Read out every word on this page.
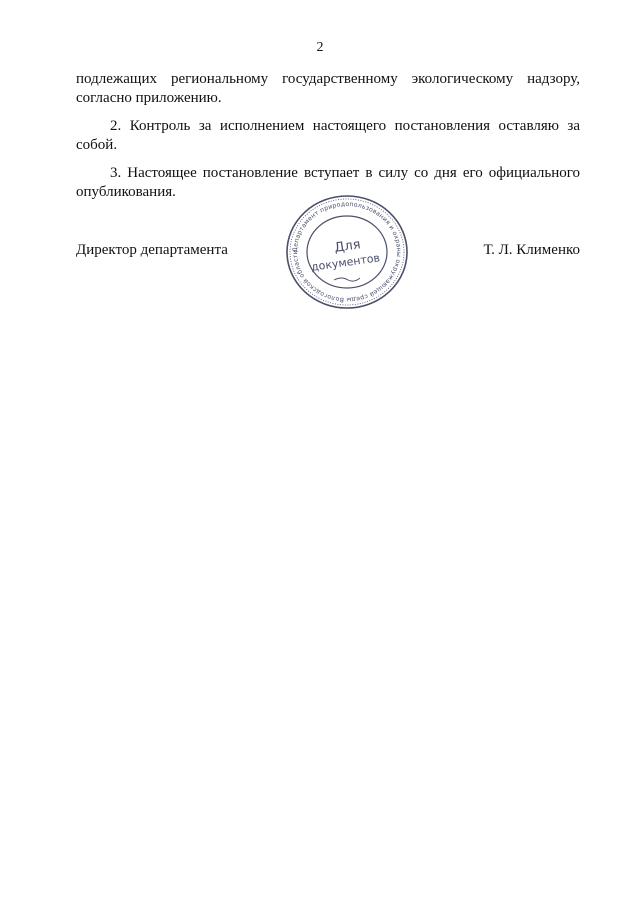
2

подлежащих региональному государственному экологическому надзору, согласно приложению.

2. Контроль за исполнением настоящего постановления оставляю за собой.

3. Настоящее постановление вступает в силу со дня его официального опубликования.

Директор департамента	Департамент природопользования и охраны окружающей среды Вологодской области	Для
документов
Т. Л. Клименко
